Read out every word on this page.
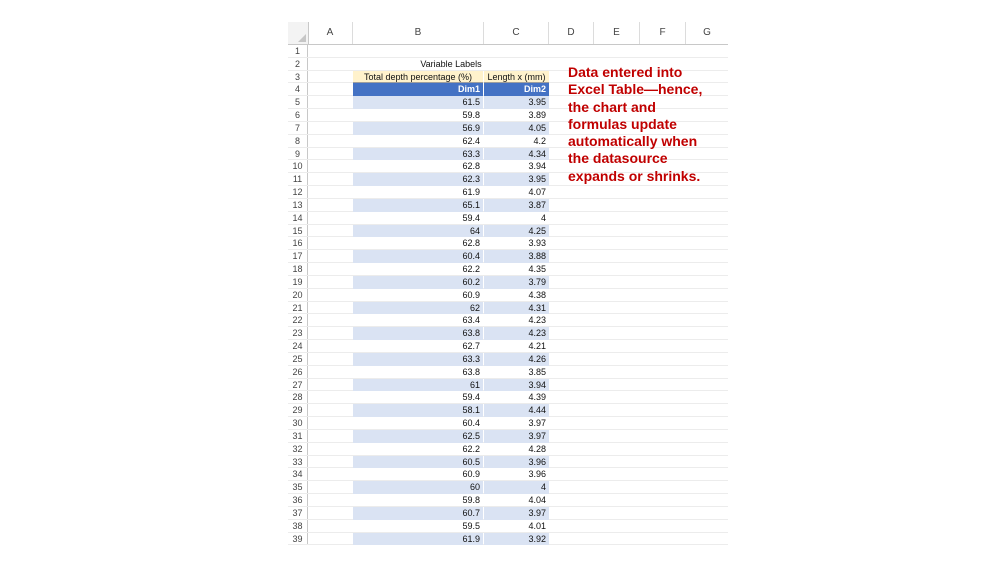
A	B	C	D	E	F	G
1
2	Variable Labels
3	Total depth percentage (%)	Length x (mm)
4	Dim1	Dim2
5	61.5	3.95
6	59.8	3.89
7	56.9	4.05
8	62.4	4.2
9	63.3	4.34
10	62.8	3.94
11	62.3	3.95
12	61.9	4.07
13	65.1	3.87
14	59.4	4
15	64	4.25
16	62.8	3.93
17	60.4	3.88
18	62.2	4.35
19	60.2	3.79
20	60.9	4.38
21	62	4.31
22	63.4	4.23
23	63.8	4.23
24	62.7	4.21
25	63.3	4.26
26	63.8	3.85
27	61	3.94
28	59.4	4.39
29	58.1	4.44
30	60.4	3.97
31	62.5	3.97
32	62.2	4.28
33	60.5	3.96
34	60.9	3.96
35	60	4
36	59.8	4.04
37	60.7	3.97
38	59.5	4.01
39	61.9	3.92
Data entered into
Excel Table—hence,
the chart and
formulas update
automatically when
the datasource
expands or shrinks.
